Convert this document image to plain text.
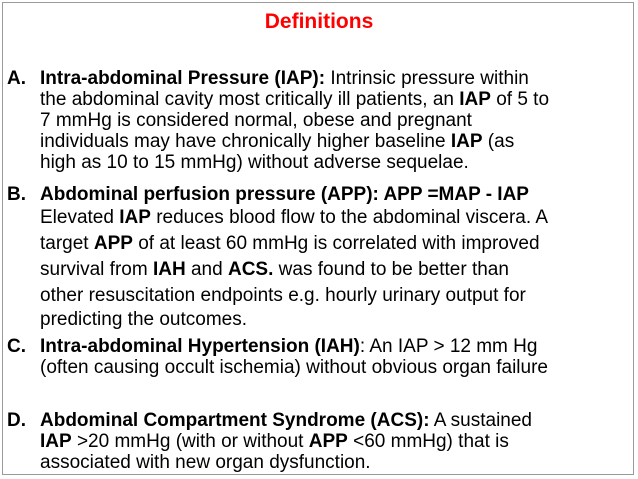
Definitions
A. Intra-abdominal Pressure (IAP): Intrinsic pressure within
the abdominal cavity most critically ill patients, an IAP of 5 to
7 mmHg is considered normal, obese and pregnant
individuals may have chronically higher baseline IAP (as
high as 10 to 15 mmHg) without adverse sequelae.
B. Abdominal perfusion pressure (APP): APP =MAP - IAP
Elevated IAP reduces blood flow to the abdominal viscera. A
target APP of at least 60 mmHg is correlated with improved
survival from IAH and ACS. was found to be better than
other resuscitation endpoints e.g. hourly urinary output for
predicting the outcomes.
C. Intra-abdominal Hypertension (IAH): An IAP > 12 mm Hg
(often causing occult ischemia) without obvious organ failure
D. Abdominal Compartment Syndrome (ACS): A sustained
IAP >20 mmHg (with or without APP <60 mmHg) that is
associated with new organ dysfunction.
